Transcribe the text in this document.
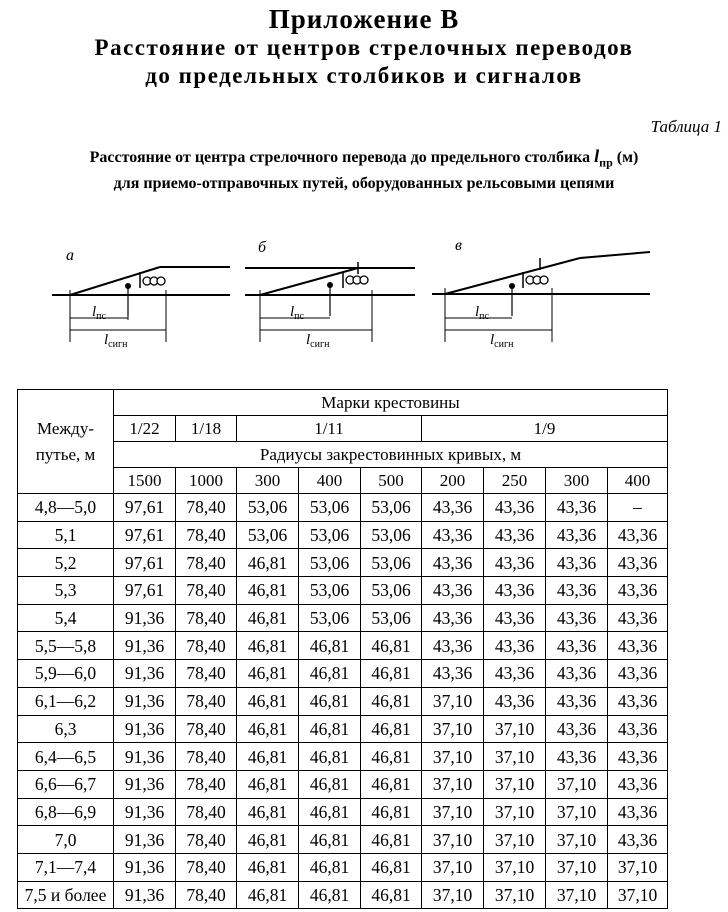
Приложение В
Расстояние от центров стрелочных переводов
до предельных столбиков и сигналов
Таблица 1
Расстояние от центра стрелочного перевода до предельного столбика $l_{пр}$ (м)
для приемо-отправочных путей, оборудованных рельсовыми цепями
а
$l_{пс}$
$l_{сигн}$
б
$l_{пс}$
$l_{сигн}$
в
$l_{пс}$
$l_{сигн}$
Между-
путье, м	Марки крестовины								
	1/22	1/18	1/11			1/9			
	Радиусы закрестовинных кривых, м								
	1500	1000	300	400	500	200	250	300	400
4,8—5,0	97,61	78,40	53,06	53,06	53,06	43,36	43,36	43,36	–
5,1	97,61	78,40	53,06	53,06	53,06	43,36	43,36	43,36	43,36
5,2	97,61	78,40	46,81	53,06	53,06	43,36	43,36	43,36	43,36
5,3	97,61	78,40	46,81	53,06	53,06	43,36	43,36	43,36	43,36
5,4	91,36	78,40	46,81	53,06	53,06	43,36	43,36	43,36	43,36
5,5—5,8	91,36	78,40	46,81	46,81	46,81	43,36	43,36	43,36	43,36
5,9—6,0	91,36	78,40	46,81	46,81	46,81	43,36	43,36	43,36	43,36
6,1—6,2	91,36	78,40	46,81	46,81	46,81	37,10	43,36	43,36	43,36
6,3	91,36	78,40	46,81	46,81	46,81	37,10	37,10	43,36	43,36
6,4—6,5	91,36	78,40	46,81	46,81	46,81	37,10	37,10	43,36	43,36
6,6—6,7	91,36	78,40	46,81	46,81	46,81	37,10	37,10	37,10	43,36
6,8—6,9	91,36	78,40	46,81	46,81	46,81	37,10	37,10	37,10	43,36
7,0	91,36	78,40	46,81	46,81	46,81	37,10	37,10	37,10	43,36
7,1—7,4	91,36	78,40	46,81	46,81	46,81	37,10	37,10	37,10	37,10
7,5 и более	91,36	78,40	46,81	46,81	46,81	37,10	37,10	37,10	37,10
